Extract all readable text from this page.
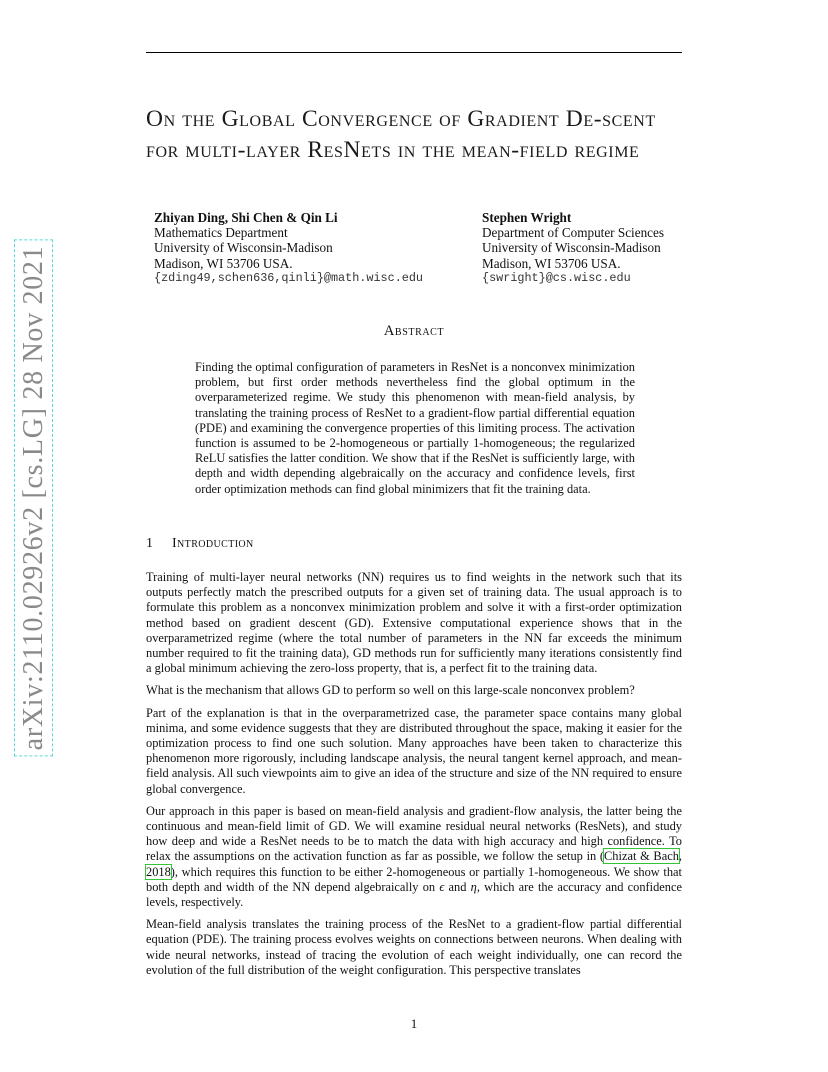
On the Global Convergence of Gradient De-scent for multi-layer ResNets in the mean-field regime
Zhiyan Ding, Shi Chen & Qin Li
Mathematics Department
University of Wisconsin-Madison
Madison, WI 53706 USA.
{zding49,schen636,qinli}@math.wisc.edu
Stephen Wright
Department of Computer Sciences
University of Wisconsin-Madison
Madison, WI 53706 USA.
{swright}@cs.wisc.edu
Abstract
Finding the optimal configuration of parameters in ResNet is a nonconvex minimization problem, but first order methods nevertheless find the global optimum in the overparameterized regime. We study this phenomenon with mean-field analysis, by translating the training process of ResNet to a gradient-flow partial differential equation (PDE) and examining the convergence properties of this limiting process. The activation function is assumed to be 2-homogeneous or partially 1-homogeneous; the regularized ReLU satisfies the latter condition. We show that if the ResNet is sufficiently large, with depth and width depending algebraically on the accuracy and confidence levels, first order optimization methods can find global minimizers that fit the training data.
1 Introduction

Training of multi-layer neural networks (NN) requires us to find weights in the network such that its outputs perfectly match the prescribed outputs for a given set of training data. The usual approach is to formulate this problem as a nonconvex minimization problem and solve it with a first-order optimization method based on gradient descent (GD). Extensive computational experience shows that in the overparametrized regime (where the total number of parameters in the NN far exceeds the minimum number required to fit the training data), GD methods run for sufficiently many iterations consistently find a global minimum achieving the zero-loss property, that is, a perfect fit to the training data.

What is the mechanism that allows GD to perform so well on this large-scale nonconvex problem?

Part of the explanation is that in the overparametrized case, the parameter space contains many global minima, and some evidence suggests that they are distributed throughout the space, making it easier for the optimization process to find one such solution. Many approaches have been taken to characterize this phenomenon more rigorously, including landscape analysis, the neural tangent kernel approach, and mean-field analysis. All such viewpoints aim to give an idea of the structure and size of the NN required to ensure global convergence.

Our approach in this paper is based on mean-field analysis and gradient-flow analysis, the latter being the continuous and mean-field limit of GD. We will examine residual neural networks (ResNets), and study how deep and wide a ResNet needs to be to match the data with high accuracy and high confidence. To relax the assumptions on the activation function as far as possible, we follow the setup in (Chizat & Bach, 2018), which requires this function to be either 2-homogeneous or partially 1-homogeneous. We show that both depth and width of the NN depend algebraically on ϵ and η, which are the accuracy and confidence levels, respectively.

Mean-field analysis translates the training process of the ResNet to a gradient-flow partial differential equation (PDE). The training process evolves weights on connections between neurons. When dealing with wide neural networks, instead of tracing the evolution of each weight individually, one can record the evolution of the full distribution of the weight configuration. This perspective translates

1
arXiv:2110.02926v2 [cs.LG] 28 Nov 2021
